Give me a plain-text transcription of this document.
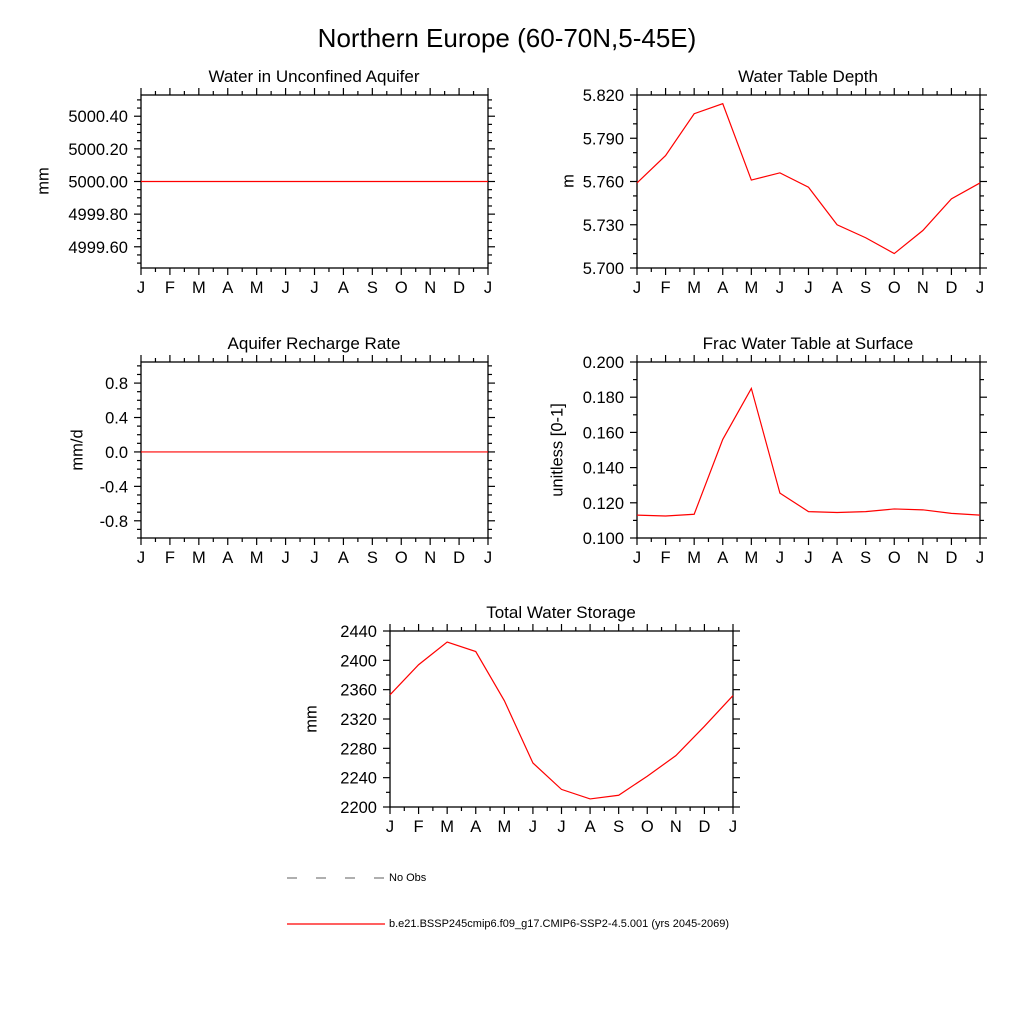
J F M A M J J A S O N D J
4999.60
4999.80
5000.00
5000.20
5000.40
J F M A M J J A S O N D J
5.700
5.730
5.760
5.790
5.820
J F M A M J J A S O N D J
-0.8
-0.4
0.0
0.4
0.8
J F M A M J J A S O N D J
0.100
0.120
0.140
0.160
0.180
0.200
J F M A M J J A S O N D J
2200
2240
2280
2320
2360
2400
2440
Northern Europe (60-70N,5-45E)
Water in Unconfined Aquifer	Water Table Depth
Aquifer Recharge Rate	Frac Water Table at Surface
Total Water Storage
mm	m
mm/d	unitless [0-1]
mm
No Obs
b.e21.BSSP245cmip6.f09_g17.CMIP6-SSP2-4.5.001 (yrs 2045-2069)
